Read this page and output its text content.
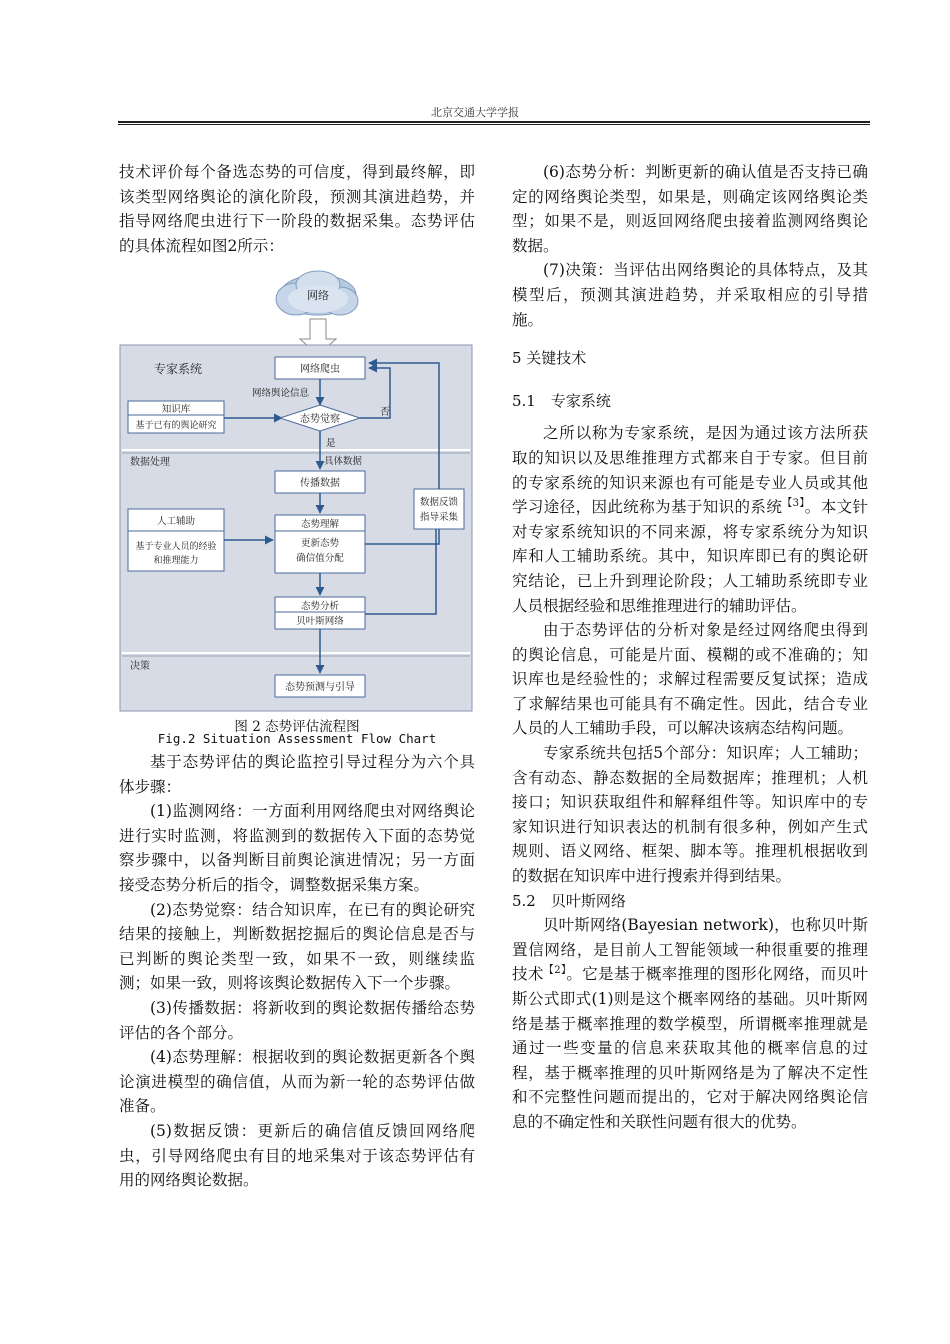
北京交通大学学报

技术评价每个备选态势的可信度，得到最终解，即该类型网络舆论的演化阶段，预测其演进趋势，并指导网络爬虫进行下一阶段的数据采集。态势评估的具体流程如图2所示：

网络
专家系统
数据处理
决策
网络爬虫
网络舆论信息
知识库
基于已有的舆论研究
态势觉察
否
是
具体数据
传播数据
人工辅助
基于专业人员的经验
和推理能力
态势理解
更新态势
确信值分配
态势分析
贝叶斯网络
数据反馈
指导采集
态势预测与引导
图 2 态势评估流程图
Fig.2 Situation Assessment Flow Chart

基于态势评估的舆论监控引导过程分为六个具体步骤：

(1)监测网络：一方面利用网络爬虫对网络舆论进行实时监测，将监测到的数据传入下面的态势觉察步骤中，以备判断目前舆论演进情况；另一方面接受态势分析后的指令，调整数据采集方案。

(2)态势觉察：结合知识库，在已有的舆论研究结果的接触上，判断数据挖掘后的舆论信息是否与已判断的舆论类型一致，如果不一致，则继续监测；如果一致，则将该舆论数据传入下一个步骤。

(3)传播数据：将新收到的舆论数据传播给态势评估的各个部分。

(4)态势理解：根据收到的舆论数据更新各个舆论演进模型的确信值，从而为新一轮的态势评估做准备。

(5)数据反馈：更新后的确信值反馈回网络爬虫，引导网络爬虫有目的地采集对于该态势评估有用的网络舆论数据。

(6)态势分析：判断更新的确认值是否支持已确定的网络舆论类型，如果是，则确定该网络舆论类型；如果不是，则返回网络爬虫接着监测网络舆论数据。

(7)决策：当评估出网络舆论的具体特点，及其模型后，预测其演进趋势，并采取相应的引导措施。

5 关键技术

5.1　专家系统

之所以称为专家系统，是因为通过该方法所获取的知识以及思维推理方式都来自于专家。但目前的专家系统的知识来源也有可能是专业人员或其他学习途径，因此统称为基于知识的系统$^{【3】}$。本文针对专家系统知识的不同来源，将专家系统分为知识库和人工辅助系统。其中，知识库即已有的舆论研究结论，已上升到理论阶段；人工辅助系统即专业人员根据经验和思维推理进行的辅助评估。

由于态势评估的分析对象是经过网络爬虫得到的舆论信息，可能是片面、模糊的或不准确的；知识库也是经验性的；求解过程需要反复试探；造成了求解结果也可能具有不确定性。因此，结合专业人员的人工辅助手段，可以解决该病态结构问题。

专家系统共包括5个部分：知识库；人工辅助；含有动态、静态数据的全局数据库；推理机；人机接口；知识获取组件和解释组件等。知识库中的专家知识进行知识表达的机制有很多种，例如产生式规则、语义网络、框架、脚本等。推理机根据收到的数据在知识库中进行搜索并得到结果。

5.2　贝叶斯网络

贝叶斯网络(Bayesian network)，也称贝叶斯置信网络，是目前人工智能领域一种很重要的推理技术$^{【2】}$。它是基于概率推理的图形化网络，而贝叶斯公式即式(1)则是这个概率网络的基础。贝叶斯网络是基于概率推理的数学模型，所谓概率推理就是通过一些变量的信息来获取其他的概率信息的过程，基于概率推理的贝叶斯网络是为了解决不定性和不完整性问题而提出的，它对于解决网络舆论信息的不确定性和关联性问题有很大的优势。
